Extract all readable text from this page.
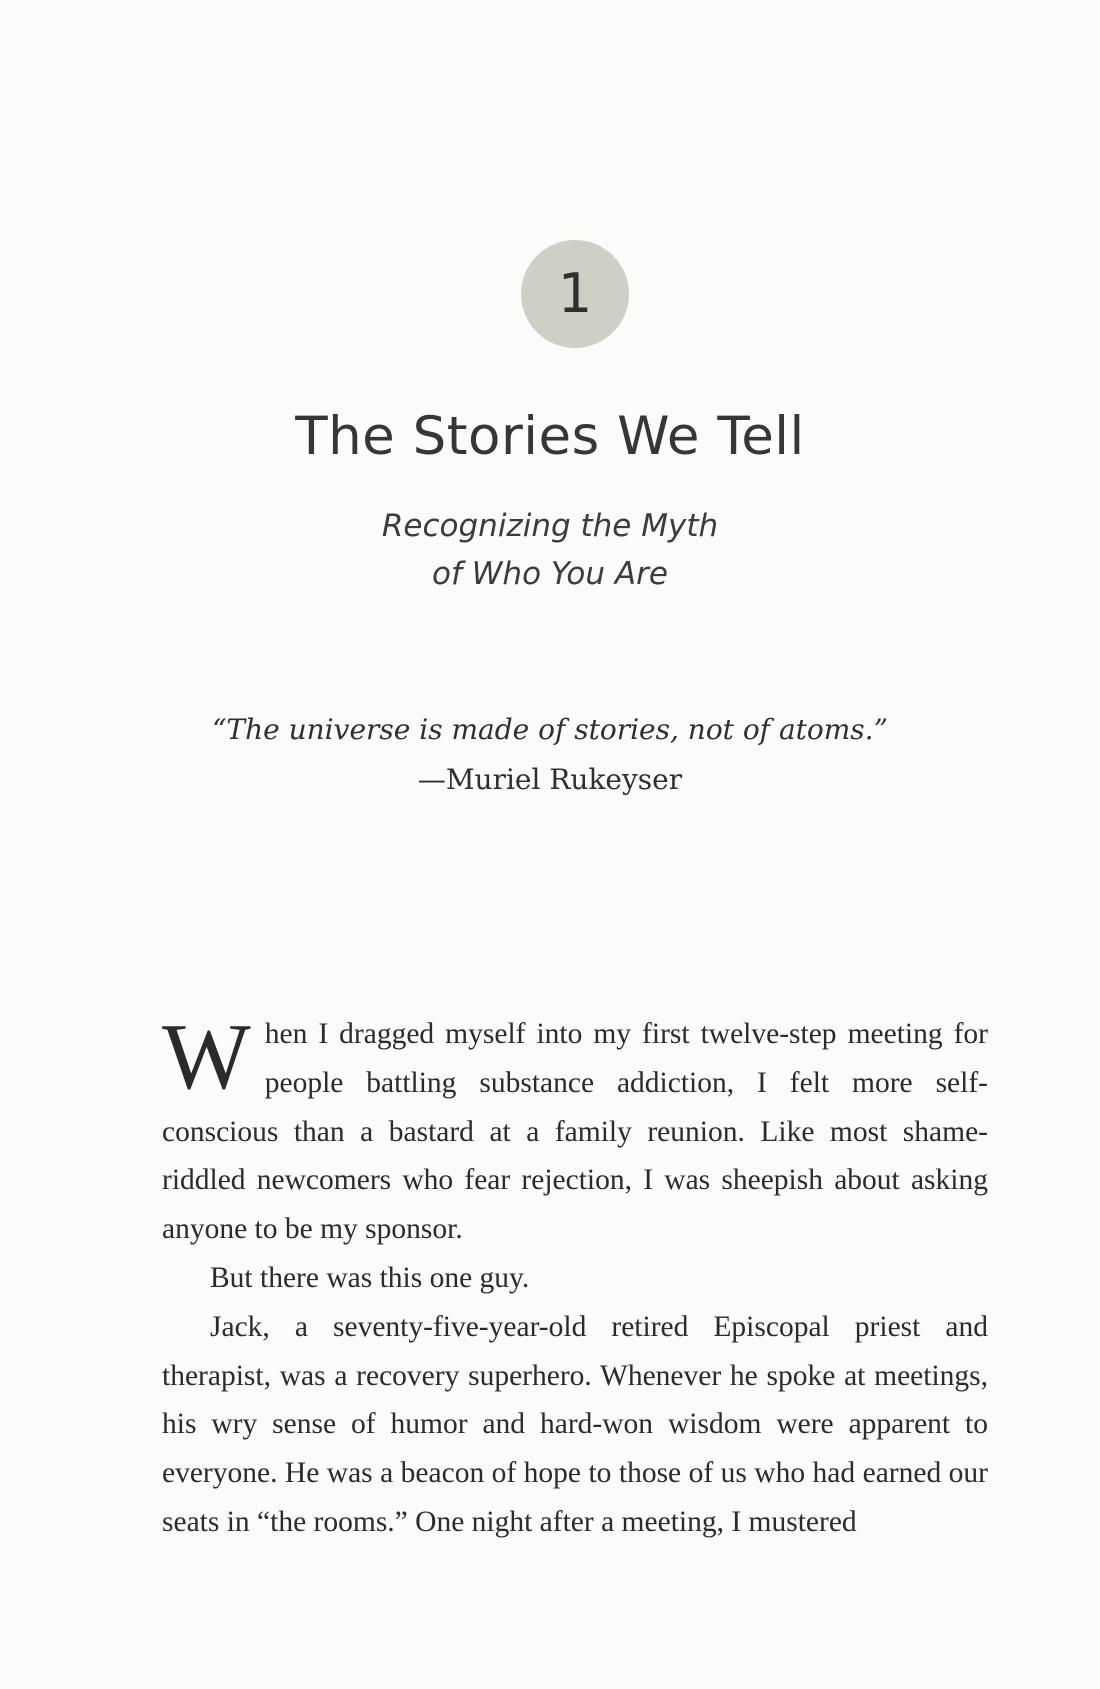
1
The Stories We Tell
Recognizing the Myth
of Who You Are
“The universe is made of stories, not of atoms.”
—Muriel Rukeyser

When I dragged myself into my first twelve-step meeting for people battling substance addiction, I felt more self-conscious than a bastard at a family reunion. Like most shame-riddled newcomers who fear rejection, I was sheepish about asking anyone to be my sponsor.

But there was this one guy.

Jack, a seventy-five-year-old retired Episcopal priest and therapist, was a recovery superhero. Whenever he spoke at meetings, his wry sense of humor and hard-won wisdom were apparent to everyone. He was a beacon of hope to those of us who had earned our seats in “the rooms.” One night after a meeting, I mustered
